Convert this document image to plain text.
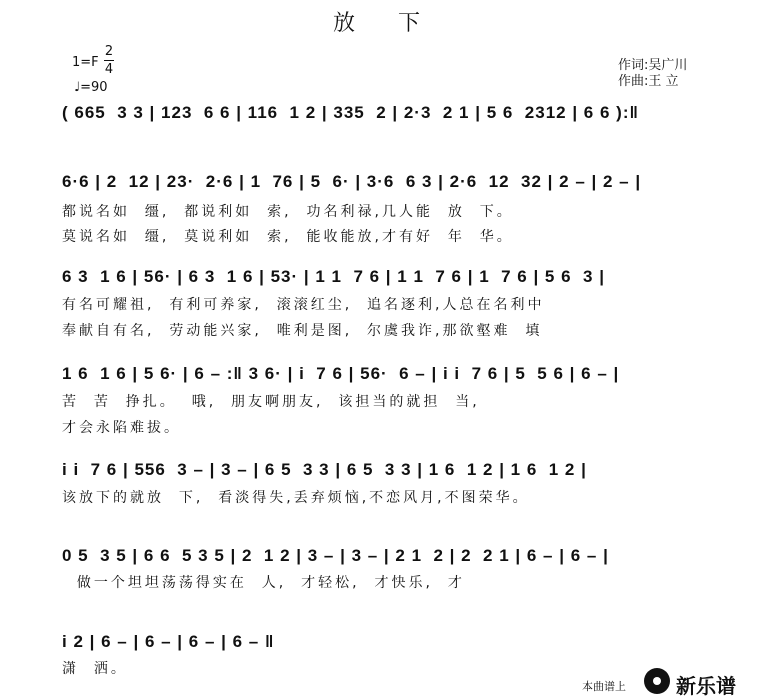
放 下
作词:吴广川
作曲:王 立
1=F
2
4
♩=90
( 665  3 3 | 123  6 6 | 116  1 2 | 335  2 | 2·3  2 1 | 5 6  2312 | 6 6 ):‖
6·6 | 2  12 | 23·  2·6 | 1  76 | 5  6· | 3·6  6 3 | 2·6  12  32 | 2 – | 2 – |
都说名如  缰,  都说利如  索,  功名利禄,几人能  放  下。
莫说名如  缰,  莫说利如  索,  能收能放,才有好  年  华。
6 3  1 6 | 56· | 6 3  1 6 | 53· | 1 1  7 6 | 1 1  7 6 | 1  7 6 | 5 6  3 |
有名可耀祖,  有利可养家,  滚滚红尘,  追名逐利,人总在名利中
奉献自有名,  劳动能兴家,  唯利是图,  尔虞我诈,那欲壑难  填
1 6  1 6 | 5 6· | 6 – :‖ 3 6· | i  7 6 | 56·  6 – | i i  7 6 | 5  5 6 | 6 – |
苦  苦  挣扎。  哦,  朋友啊朋友,  该担当的就担  当,
才会永陷难拔。
i i  7 6 | 556  3 – | 3 – | 6 5  3 3 | 6 5  3 3 | 1 6  1 2 | 1 6  1 2 |
该放下的就放  下,  看淡得失,丢弃烦恼,不恋风月,不图荣华。
0 5  3 5 | 6 6  5 3 5 | 2  1 2 | 3 – | 3 – | 2 1  2 | 2  2 1 | 6 – | 6 – |
做一个坦坦荡荡得实在  人,  才轻松,  才快乐,  才
i 2 | 6 – | 6 – | 6 – | 6 – ‖
潇  洒。
本曲谱上	新乐谱
